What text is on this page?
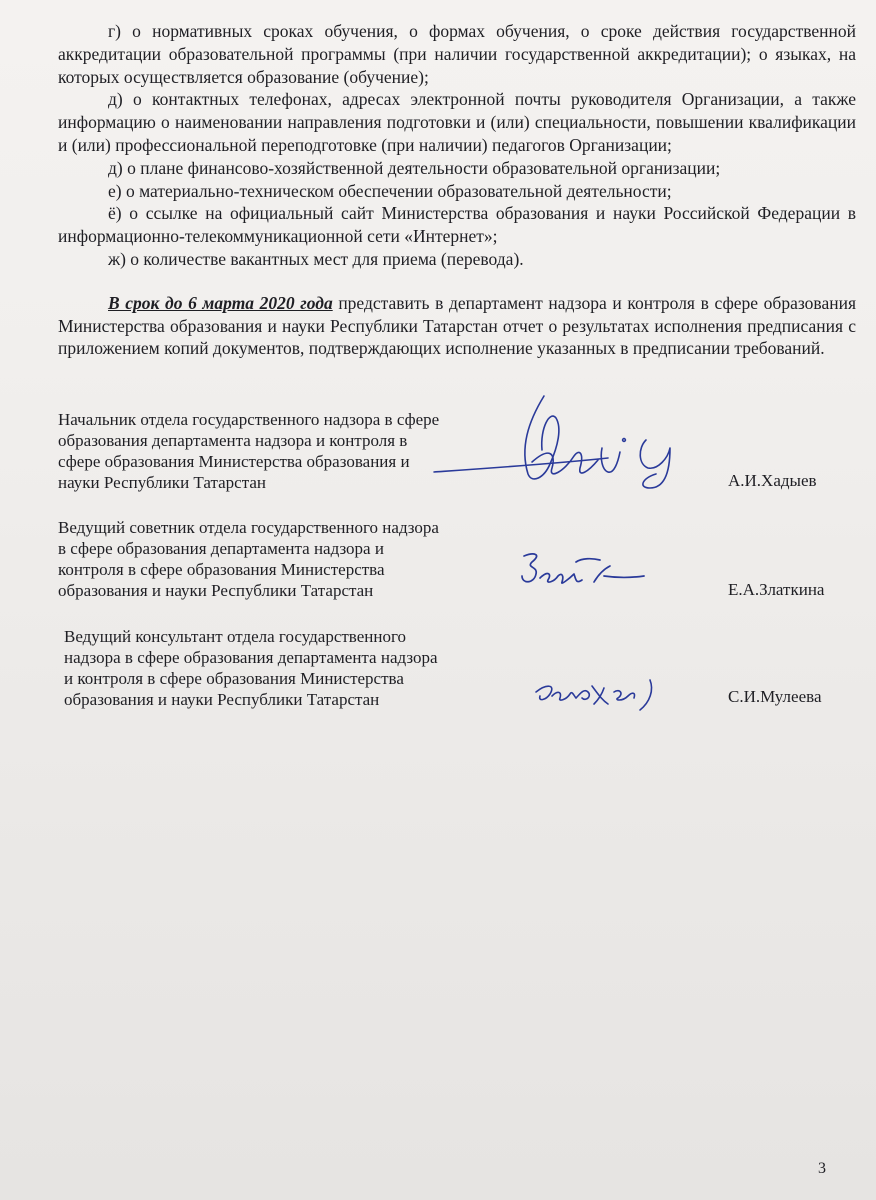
г) о нормативных сроках обучения, о формах обучения, о сроке действия государственной аккредитации образовательной программы (при наличии государственной аккредитации); о языках, на которых осуществляется образование (обучение);

д) о контактных телефонах, адресах электронной почты руководителя Организации, а также информацию о наименовании направления подготовки и (или) специальности, повышении квалификации и (или) профессиональной переподготовке (при наличии) педагогов Организации;

д) о плане финансово-хозяйственной деятельности образовательной организации;

е) о материально-техническом обеспечении образовательной деятельности;

ё) о ссылке на официальный сайт Министерства образования и науки Российской Федерации в информационно-телекоммуникационной сети «Интернет»;

ж) о количестве вакантных мест для приема (перевода).

В срок до 6 марта 2020 года представить в департамент надзора и контроля в сфере образования Министерства образования и науки Республики Татарстан отчет о результатах исполнения предписания с приложением копий документов, подтверждающих исполнение указанных в предписании требований.

Начальник отдела государственного надзора в сфере
образования департамента надзора и контроля в
сфере образования Министерства образования и
науки Республики Татарстан	А.И.Хадыев
Ведущий советник отдела государственного надзора
в сфере образования департамента надзора и
контроля в сфере образования Министерства
образования и науки Республики Татарстан	Е.А.Златкина
Ведущий консультант отдела государственного
надзора в сфере образования департамента надзора
и контроля в сфере образования Министерства
образования и науки Республики Татарстан	С.И.Мулеева
3
